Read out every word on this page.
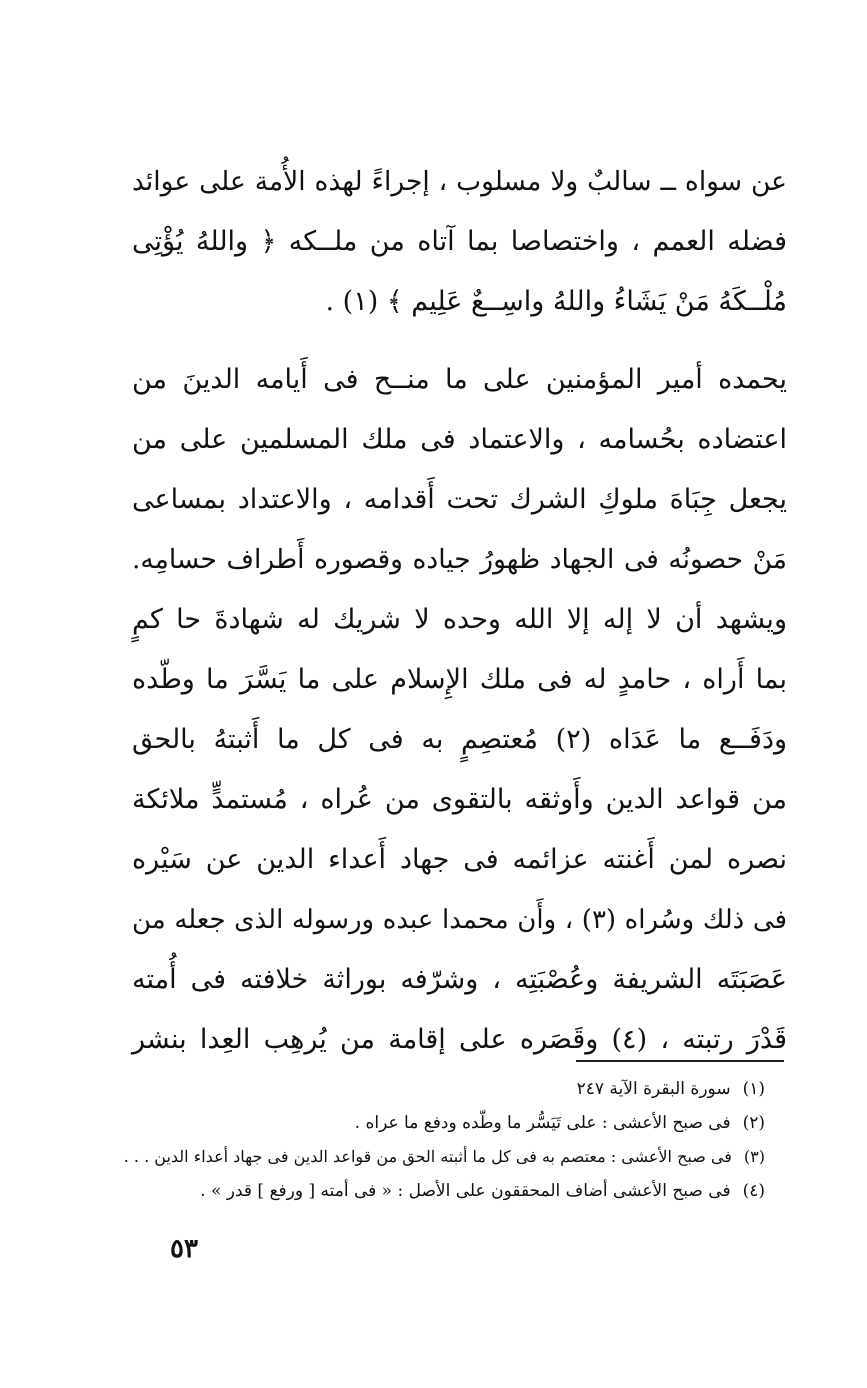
عن سواه ــ سالبٌ ولا مسلوب ، إجراءً لهذه الأُمة على عوائد
فضله العمم ، واختصاصا بما آتاه من ملــكه ﴿ واللهُ يُؤْتِى
مُلْــكَهُ مَنْ يَشَاءُ واللهُ واسِــعٌ عَلِيم ﴾ (١) .
يحمده أمير المؤمنين على ما منــح فى أَيامه الدينَ من
اعتضاده بحُسامه ، والاعتماد فى ملك المسلمين على من
يجعل جِبَاهَ ملوكِ الشرك تحت أَقدامه ، والاعتداد بمساعى
مَنْ حصونُه فى الجهاد ظهورُ جياده وقصوره أَطراف حسامِه.
ويشهد أن لا إله إلا الله وحده لا شريك له شهادةَ حا كمٍ
بما أَراه ، حامدٍ له فى ملك الإِسلام على ما يَسَّرَ ما وطّده
ودَفَــع ما عَدَاه (٢) مُعتصِمٍ به فى كل ما أَثبتهُ بالحق
من قواعد الدين وأَوثقه بالتقوى من عُراه ، مُستمدٍّ ملائكة
نصره لمن أَغنته عزائمه فى جهاد أَعداء الدين عن سَيْره
فى ذلك وسُراه (٣) ، وأَن محمدا عبده ورسوله الذى جعله من
عَصَبَتَه الشريفة وعُصْبَتِه ، وشرّفه بوراثة خلافته فى أُمته
قَدْرَ رتبته ، (٤) وقَصَره على إقامة من يُرهِب العِدا بنشر
(١)سورة البقرة الآية ٢٤٧
(٢)فى صبح الأعشى : على تَيَسُّر ما وطّده ودفع ما عراه .
(٣)فى صبح الأعشى : معتصم به فى كل ما أثبته الحق من قواعد الدين فى جهاد أعداء الدين . . .
(٤)فى صبح الأعشى أضاف المحققون على الأصل : « فى أمته [ ورفع ] قدر » .
٥٣
